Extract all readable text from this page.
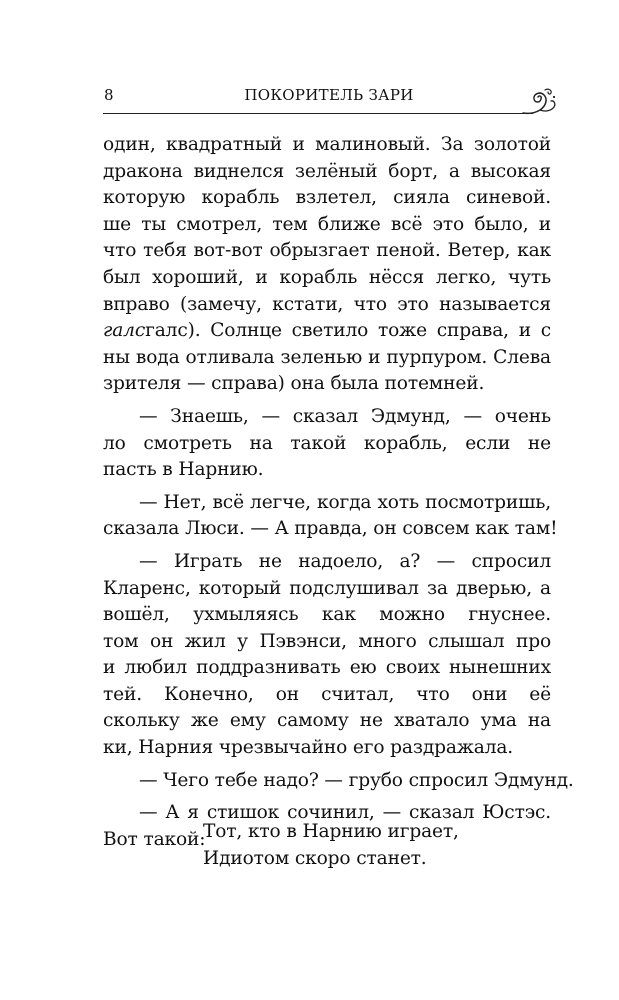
8	ПОКОРИТЕЛЬ ЗАРИ
один, квадратный и малиновый. За золотой
дракона виднелся зелёный борт, а высокая
которую корабль взлетел, сияла синевой.
ше ты смотрел, тем ближе всё это было, и
что тебя вот-вот обрызгает пеной. Ветер, как
был хороший, и корабль нёсся легко, чуть
вправо (замечу, кстати, что это называется
галсгалс). Солнце светило тоже справа, и с
ны вода отливала зеленью и пурпуром. Слева
зрителя — справа) она была потемней.
— Знаешь, — сказал Эдмунд, — очень
ло смотреть на такой корабль, если не
пасть в Нарнию.
— Нет, всё легче, когда хоть посмотришь,
сказала Люси. — А правда, он совсем как там!
— Играть не надоело, а? — спросил
Кларенс, который подслушивал за дверью, а
вошёл, ухмыляясь как можно гнуснее.
том он жил у Пэвэнси, много слышал про
и любил поддразнивать ею своих нынешних
тей. Конечно, он считал, что они её
скольку же ему самому не хватало ума на
ки, Нарния чрезвычайно его раздражала.
— Чего тебе надо? — грубо спросил Эдмунд.
— А я стишок сочинил, — сказал Юстэс.
Вот такой:
Тот, кто в Нарнию играет,
Идиотом скоро станет.
